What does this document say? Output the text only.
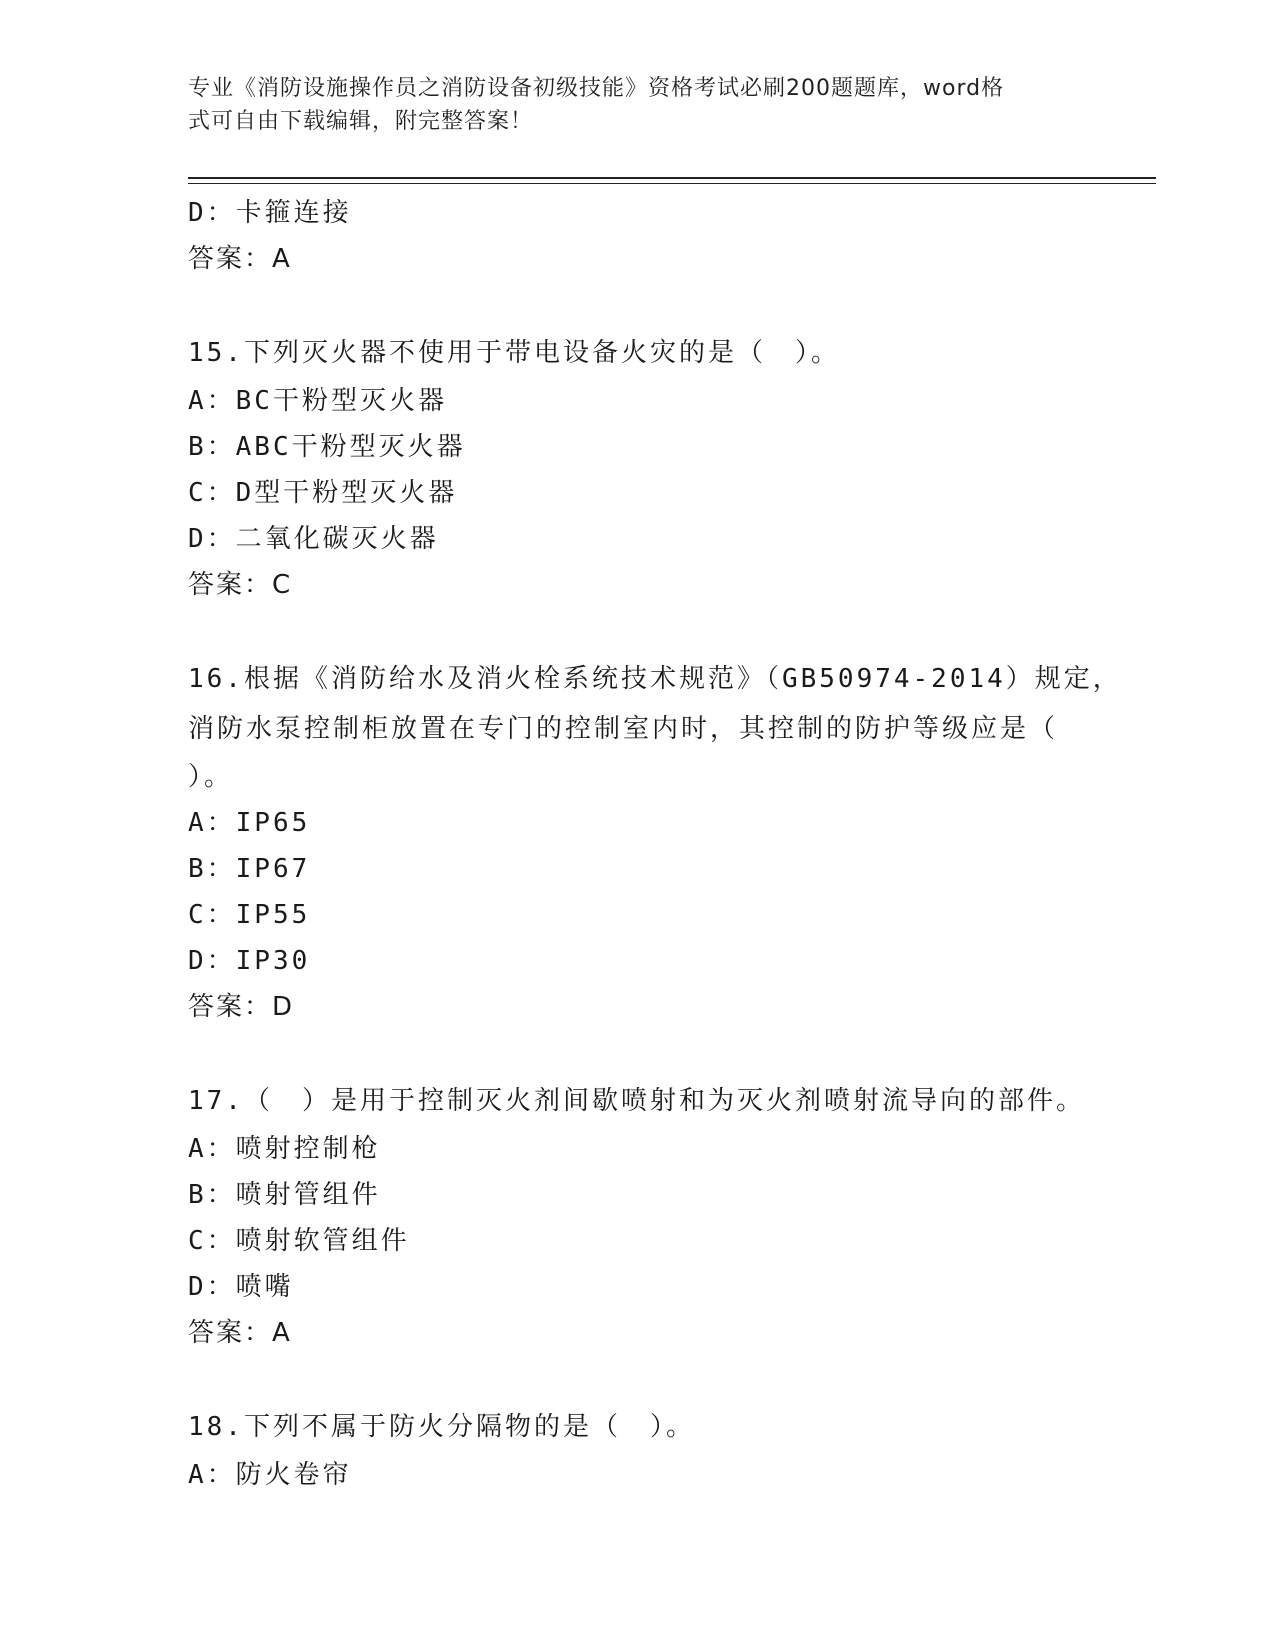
专业《消防设施操作员之消防设备初级技能》资格考试必刷200题题库，word格
式可自由下载编辑，附完整答案！
D：卡箍连接
答案：A
15.下列灭火器不使用于带电设备火灾的是（　）。
A：BC干粉型灭火器
B：ABC干粉型灭火器
C：D型干粉型灭火器
D：二氧化碳灭火器
答案：C
16.根据《消防给水及消火栓系统技术规范》（GB50974-2014）规定，
消防水泵控制柜放置在专门的控制室内时，其控制的防护等级应是（
）。
A：IP65
B：IP67
C：IP55
D：IP30
答案：D
17.（　）是用于控制灭火剂间歇喷射和为灭火剂喷射流导向的部件。
A：喷射控制枪
B：喷射管组件
C：喷射软管组件
D：喷嘴
答案：A
18.下列不属于防火分隔物的是（　）。
A：防火卷帘
